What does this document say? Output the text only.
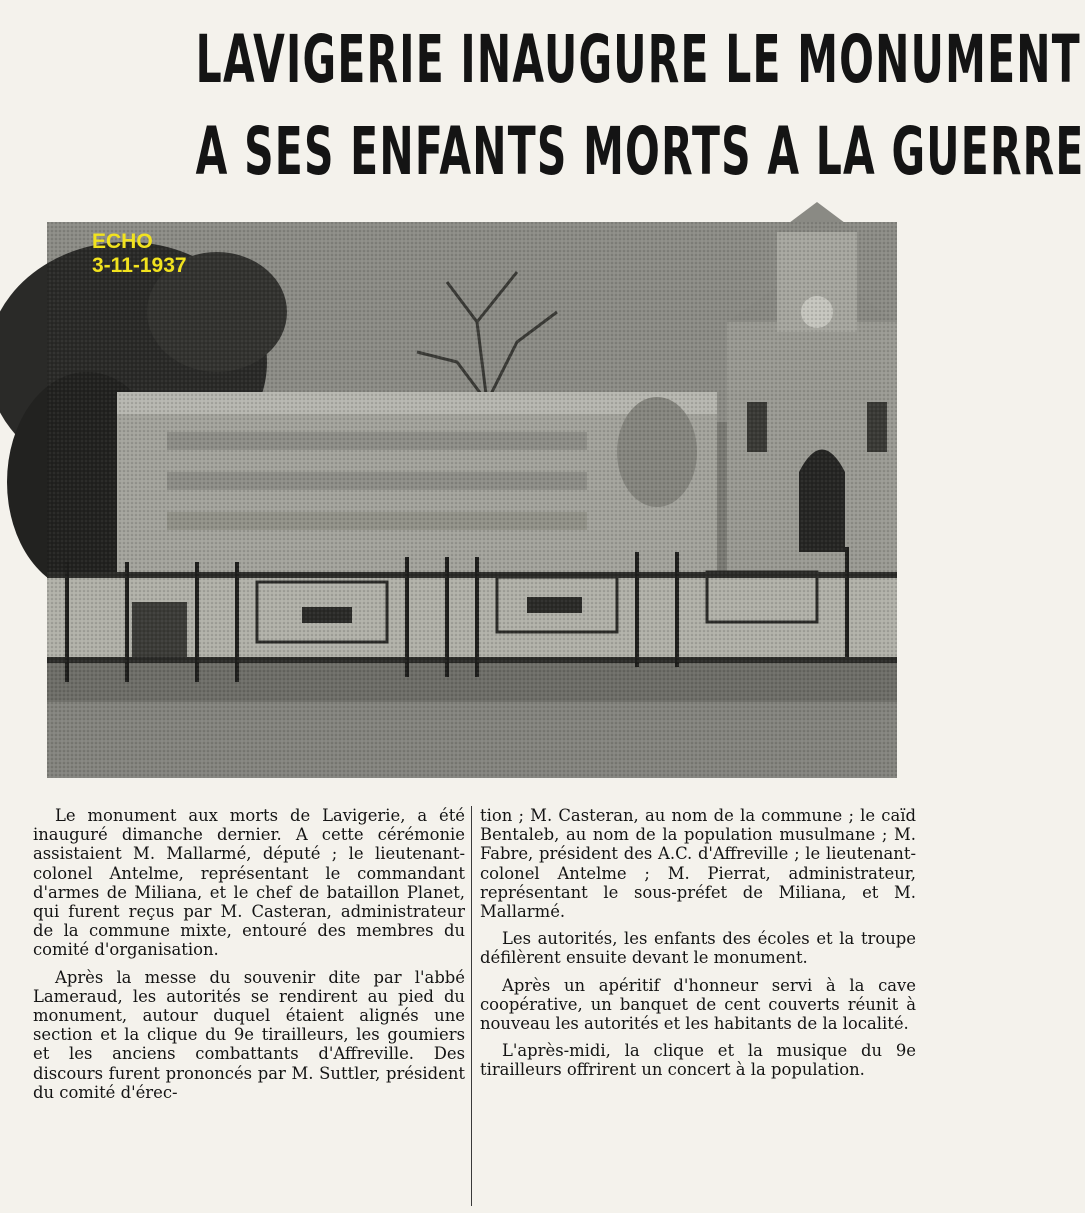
LAVIGERIE INAUGURE LE MONUMENT
A SES ENFANTS MORTS A LA GUERRE
ECHO
3-11-1937

Le monument aux morts de Lavigerie, a été inauguré dimanche dernier. A cette cérémonie assistaient M. Mallarmé, député ; le lieutenant-colonel Antelme, représentant le commandant d'armes de Miliana, et le chef de bataillon Planet, qui furent reçus par M. Casteran, administrateur de la commune mixte, entouré des membres du comité d'organisation.

Après la messe du souvenir dite par l'abbé Lameraud, les autorités se rendirent au pied du monument, autour duquel étaient alignés une section et la clique du 9e tirailleurs, les goumiers et les anciens combattants d'Affreville. Des discours furent prononcés par M. Suttler, président du comité d'érec-

tion ; M. Casteran, au nom de la commune ; le caïd Bentaleb, au nom de la population musulmane ; M. Fabre, président des A.C. d'Affreville ; le lieutenant-colonel Antelme ; M. Pierrat, administrateur, représentant le sous-préfet de Miliana, et M. Mallarmé.

Les autorités, les enfants des écoles et la troupe défilèrent ensuite devant le monument.

Après un apéritif d'honneur servi à la cave coopérative, un banquet de cent couverts réunit à nouveau les autorités et les habitants de la localité.

L'après-midi, la clique et la musique du 9e tirailleurs offrirent un concert à la population.
